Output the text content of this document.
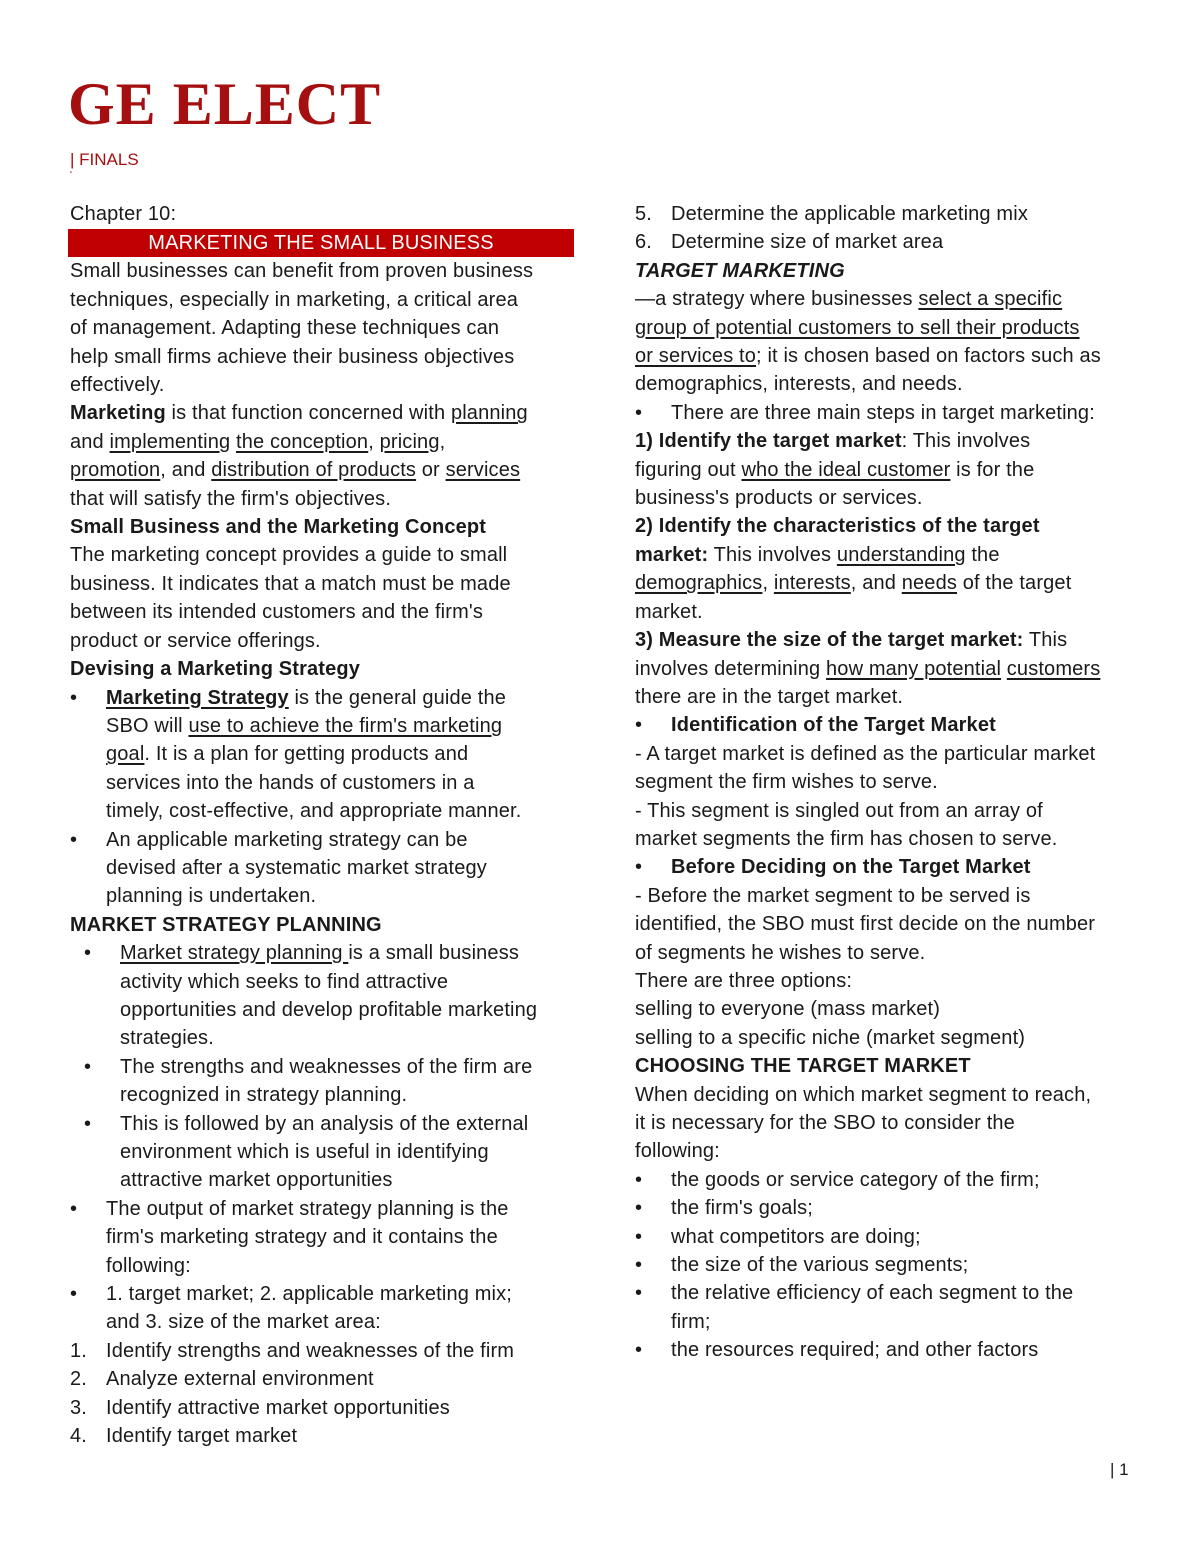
GE ELECT
| FINALS
'
Chapter 10:
MARKETING THE SMALL BUSINESS
Small businesses can benefit from proven business
techniques, especially in marketing, a critical area
of management. Adapting these techniques can
help small firms achieve their business objectives
effectively.
Marketing is that function concerned with planning
and implementing the conception, pricing,
promotion, and distribution of products or services
that will satisfy the firm's objectives.
Small Business and the Marketing Concept
The marketing concept provides a guide to small
business. It indicates that a match must be made
between its intended customers and the firm's
product or service offerings.
Devising a Marketing Strategy
•	Marketing Strategy is the general guide the
SBO will use to achieve the firm's marketing
goal. It is a plan for getting products and
services into the hands of customers in a
timely, cost-effective, and appropriate manner.
•	An applicable marketing strategy can be
devised after a systematic market strategy
planning is undertaken.
MARKET STRATEGY PLANNING
•	Market strategy planning is a small business
activity which seeks to find attractive
opportunities and develop profitable marketing
strategies.
•	The strengths and weaknesses of the firm are
recognized in strategy planning.
•	This is followed by an analysis of the external
environment which is useful in identifying
attractive market opportunities
•	The output of market strategy planning is the
firm's marketing strategy and it contains the
following:
•	1. target market; 2. applicable marketing mix;
and 3. size of the market area:
1. Identify strengths and weaknesses of the firm
2. Analyze external environment
3. Identify attractive market opportunities
4. Identify target market
5. Determine the applicable marketing mix
6. Determine size of market area
TARGET MARKETING
—a strategy where businesses select a specific
group of potential customers to sell their products
or services to; it is chosen based on factors such as
demographics, interests, and needs.
•	There are three main steps in target marketing:
1) Identify the target market: This involves
figuring out who the ideal customer is for the
business's products or services.
2) Identify the characteristics of the target
market: This involves understanding the
demographics, interests, and needs of the target
market.
3) Measure the size of the target market: This
involves determining how many potential customers
there are in the target market.
•	Identification of the Target Market
- A target market is defined as the particular market
segment the firm wishes to serve.
- This segment is singled out from an array of
market segments the firm has chosen to serve.
•	Before Deciding on the Target Market
- Before the market segment to be served is
identified, the SBO must first decide on the number
of segments he wishes to serve.
There are three options:
selling to everyone (mass market)
selling to a specific niche (market segment)
CHOOSING THE TARGET MARKET
When deciding on which market segment to reach,
it is necessary for the SBO to consider the
following:
•	the goods or service category of the firm;
•	the firm's goals;
•	what competitors are doing;
•	the size of the various segments;
•	the relative efficiency of each segment to the
firm;
•	the resources required; and other factors
| 1
